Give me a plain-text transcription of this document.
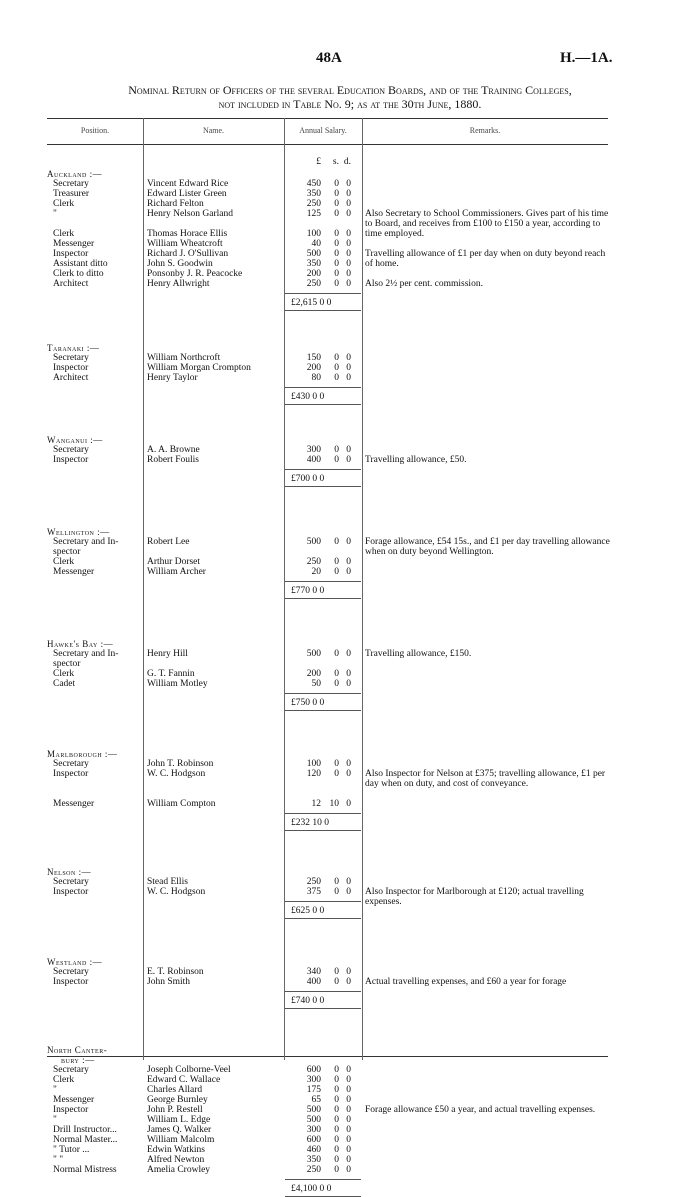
48A	H.—1A.
Nominal Return of Officers of the several Education Boards, and of the Training Colleges,
not included in Table No. 9; as at the 30th June, 1880.
Position.	Name.	Annual Salary.	Remarks.
£	s. d.
Auckland :—
Secretary	Vincent Edward Rice	450	0 0
Treasurer	Edward Lister Green	350	0 0
Clerk	Richard Felton	250	0 0
"	Henry Nelson Garland	125	0 0 Also Secretary to School Commissioners. Gives part of his time to Board, and receives from £100 to £150 a year, according to time employed.
Clerk	Thomas Horace Ellis	100	0 0
Messenger	William Wheatcroft	40	0 0
Inspector	Richard J. O'Sullivan	500	0 0 Travelling allowance of £1 per day when on duty beyond reach of home.
Assistant ditto	John S. Goodwin	350	0 0
Clerk to ditto	Ponsonby J. R. Peacocke	200	0 0
Architect	Henry Allwright	250	0 0 Also 2½ per cent. commission.
£2,615 0 0
Taranaki :—
Secretary	William Northcroft	150	0 0
Inspector	William Morgan Crompton	200	0 0
Architect	Henry Taylor	80	0 0
£430 0 0
Wanganui :—
Secretary	A. A. Browne	300	0 0
Inspector	Robert Foulis	400	0 0 Travelling allowance, £50.
£700 0 0
Wellington :—
Secretary and In-	Robert Lee	500	0 0 Forage allowance, £54 15s., and £1 per day travelling allowance when on duty beyond Wellington.
spector
Clerk	Arthur Dorset	250	0 0
Messenger	William Archer	20	0 0
£770 0 0
Hawke's Bay :—
Secretary and In-	Henry Hill	500	0 0 Travelling allowance, £150.
spector
Clerk	G. T. Fannin	200	0 0
Cadet	William Motley	50	0 0
£750 0 0
Marlborough :—
Secretary	John T. Robinson	100	0 0
Inspector	W. C. Hodgson	120	0 0 Also Inspector for Nelson at £375; travelling allowance, £1 per day when on duty, and cost of conveyance.
Messenger	William Compton	12 10 0
£232 10 0
Nelson :—
Secretary	Stead Ellis	250	0 0
Inspector	W. C. Hodgson	375	0 0 Also Inspector for Marlborough at £120; actual travelling expenses.
£625 0 0
Westland :—
Secretary	E. T. Robinson	340	0 0
Inspector	John Smith	400	0 0 Actual travelling expenses, and £60 a year for forage
£740 0 0
North Canter-
bury :—
Secretary	Joseph Colborne-Veel	600	0 0
Clerk	Edward C. Wallace	300	0 0
"	Charles Allard	175	0 0
Messenger	George Burnley	65	0 0
Inspector	John P. Restell	500	0 0 Forage allowance £50 a year, and actual travelling expenses.
"	William L. Edge	500	0 0
Drill Instructor...	James Q. Walker	300	0 0
Normal Master...	William Malcolm	600	0 0
" Tutor ...	Edwin Watkins	460	0 0
" "	Alfred Newton	350	0 0
Normal Mistress	Amelia Crowley	250	0 0
£4,100 0 0
